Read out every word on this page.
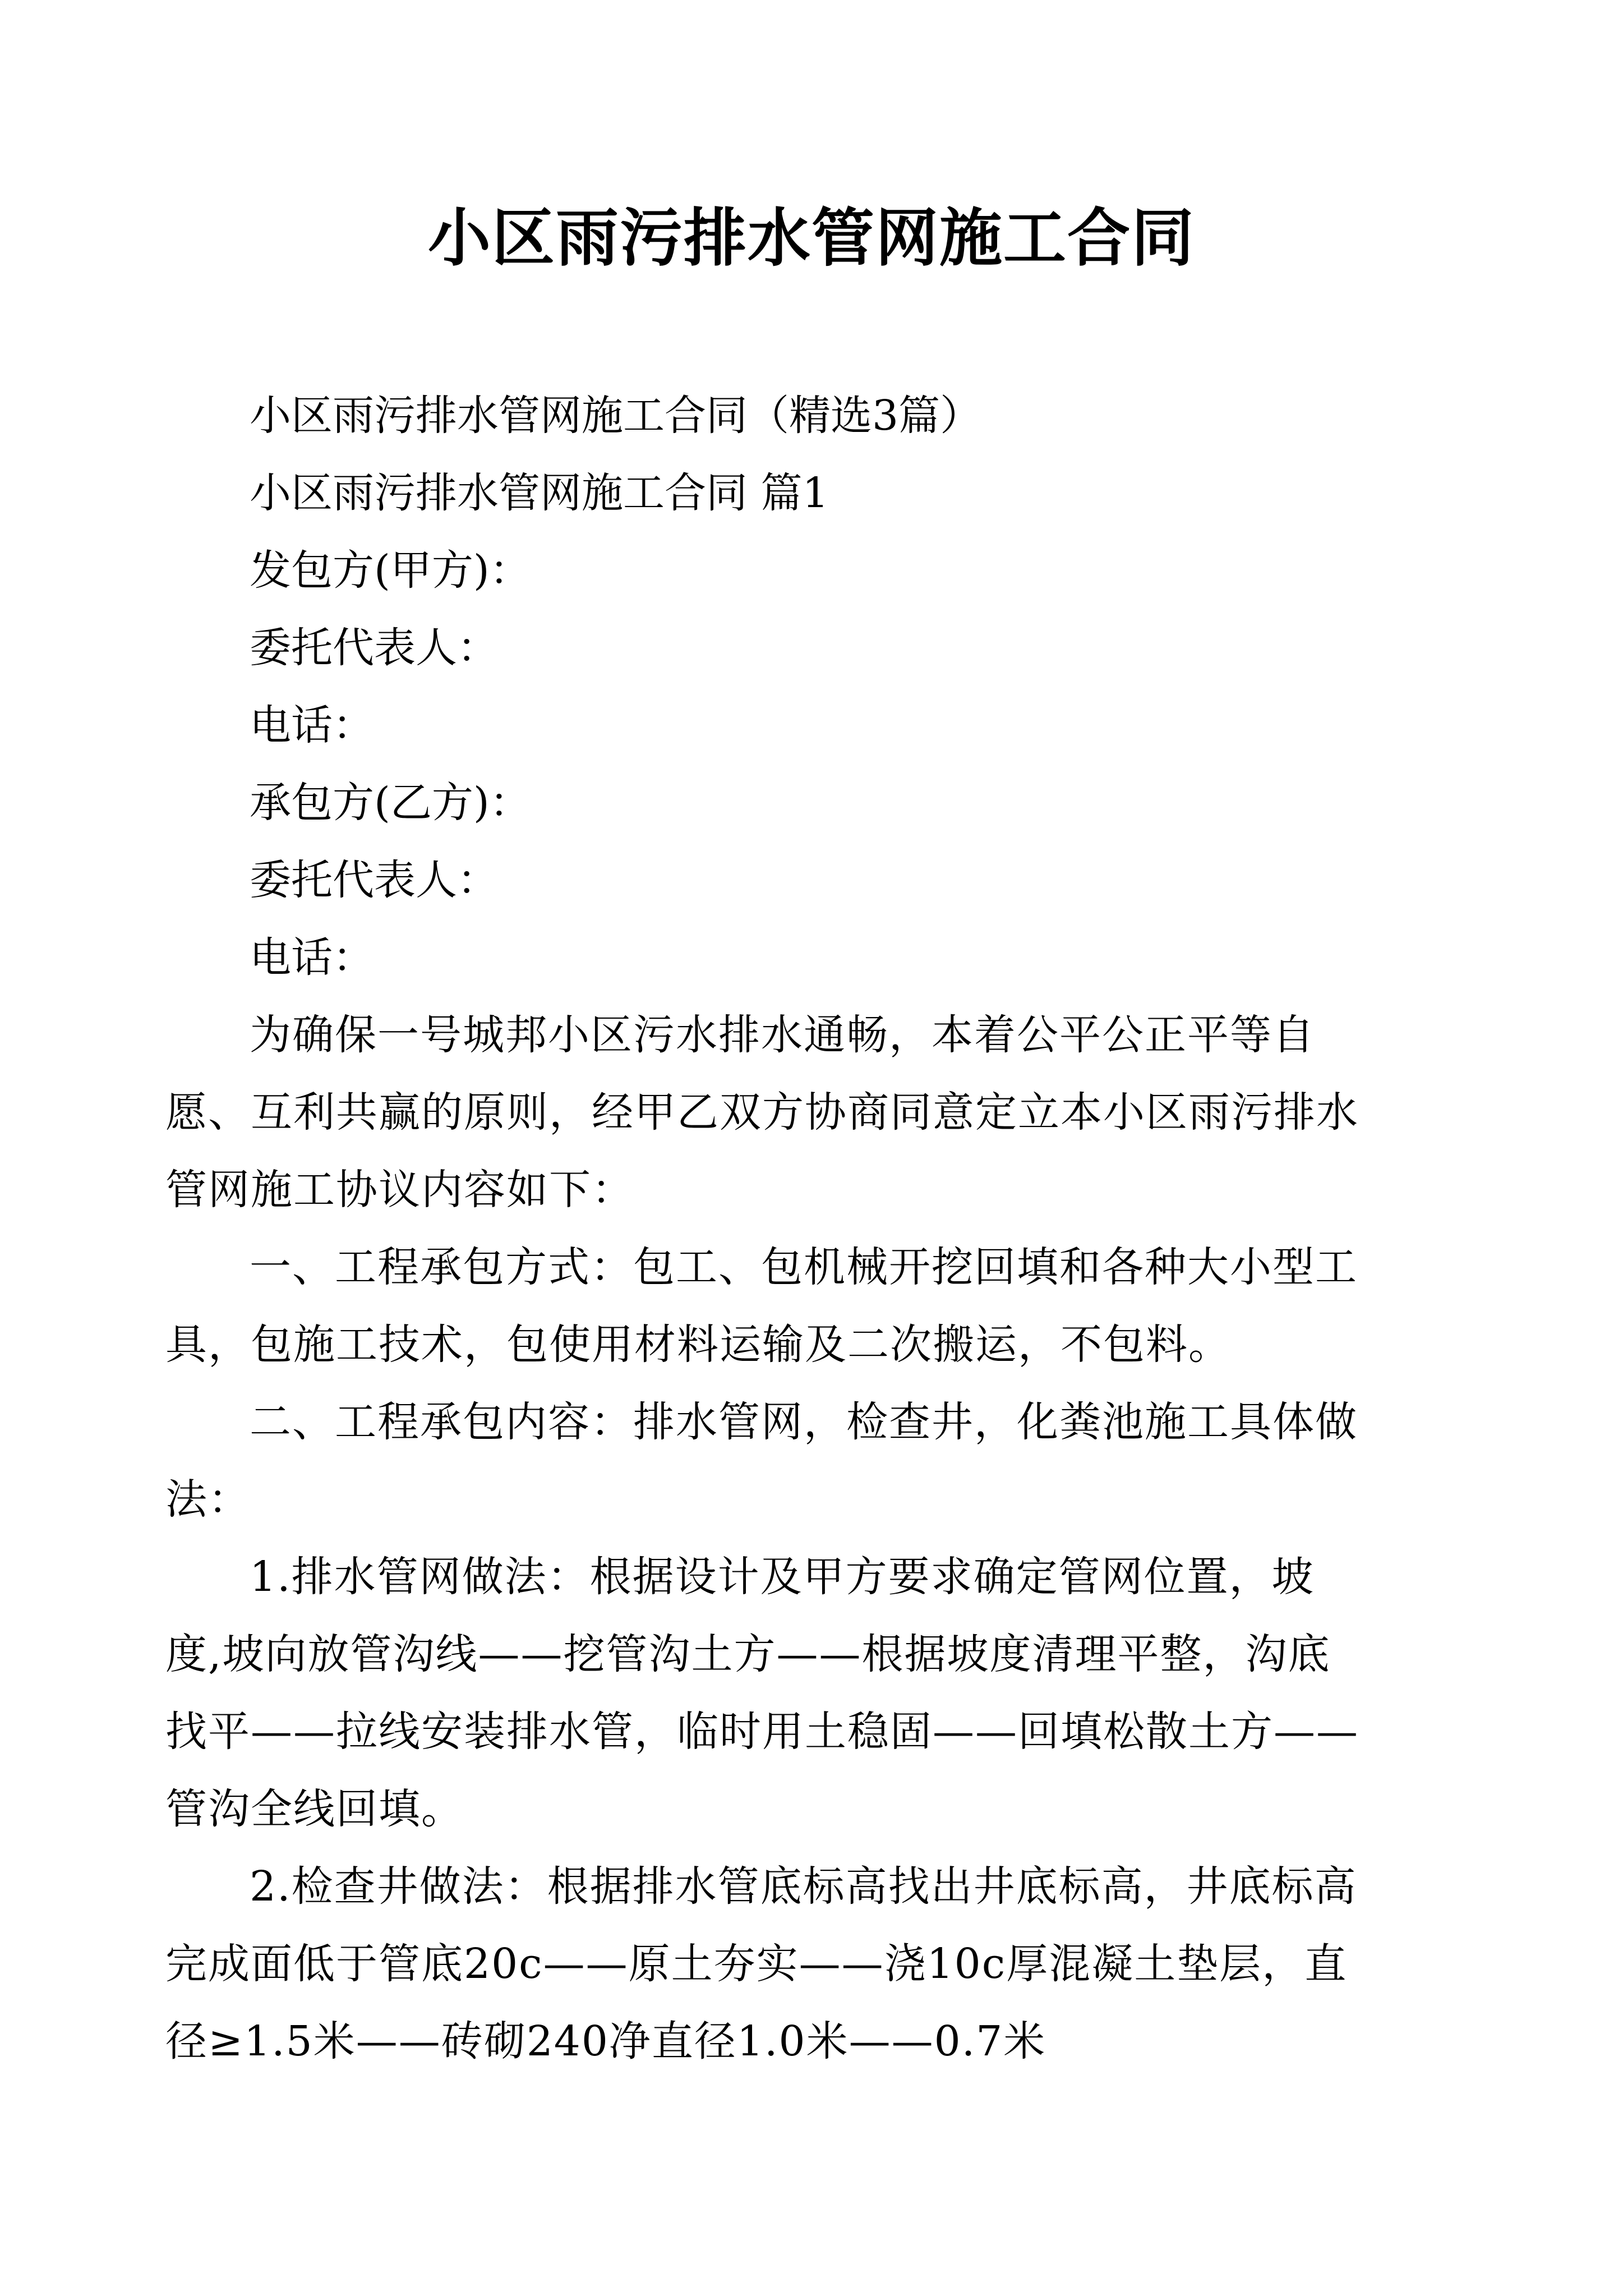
小区雨污排水管网施工合同
小区雨污排水管网施工合同（精选3篇）
小区雨污排水管网施工合同 篇1
发包方(甲方)：
委托代表人：
电话：
承包方(乙方)：
委托代表人：
电话：

为确保一号城邦小区污水排水通畅，本着公平公正平等自愿、互利共赢的原则，经甲乙双方协商同意定立本小区雨污排水管网施工协议内容如下：

一、工程承包方式：包工、包机械开挖回填和各种大小型工具，包施工技术，包使用材料运输及二次搬运，不包料。

二、工程承包内容：排水管网，检查井，化粪池施工具体做法：

1.排水管网做法：根据设计及甲方要求确定管网位置，坡度,坡向放管沟线——挖管沟土方——根据坡度清理平整，沟底找平——拉线安装排水管，临时用土稳固——回填松散土方——管沟全线回填。

2.检查井做法：根据排水管底标高找出井底标高，井底标高完成面低于管底20c——原土夯实——浇10c厚混凝土垫层，直径≥1.5米——砖砌240净直径1.0米——0.7米
